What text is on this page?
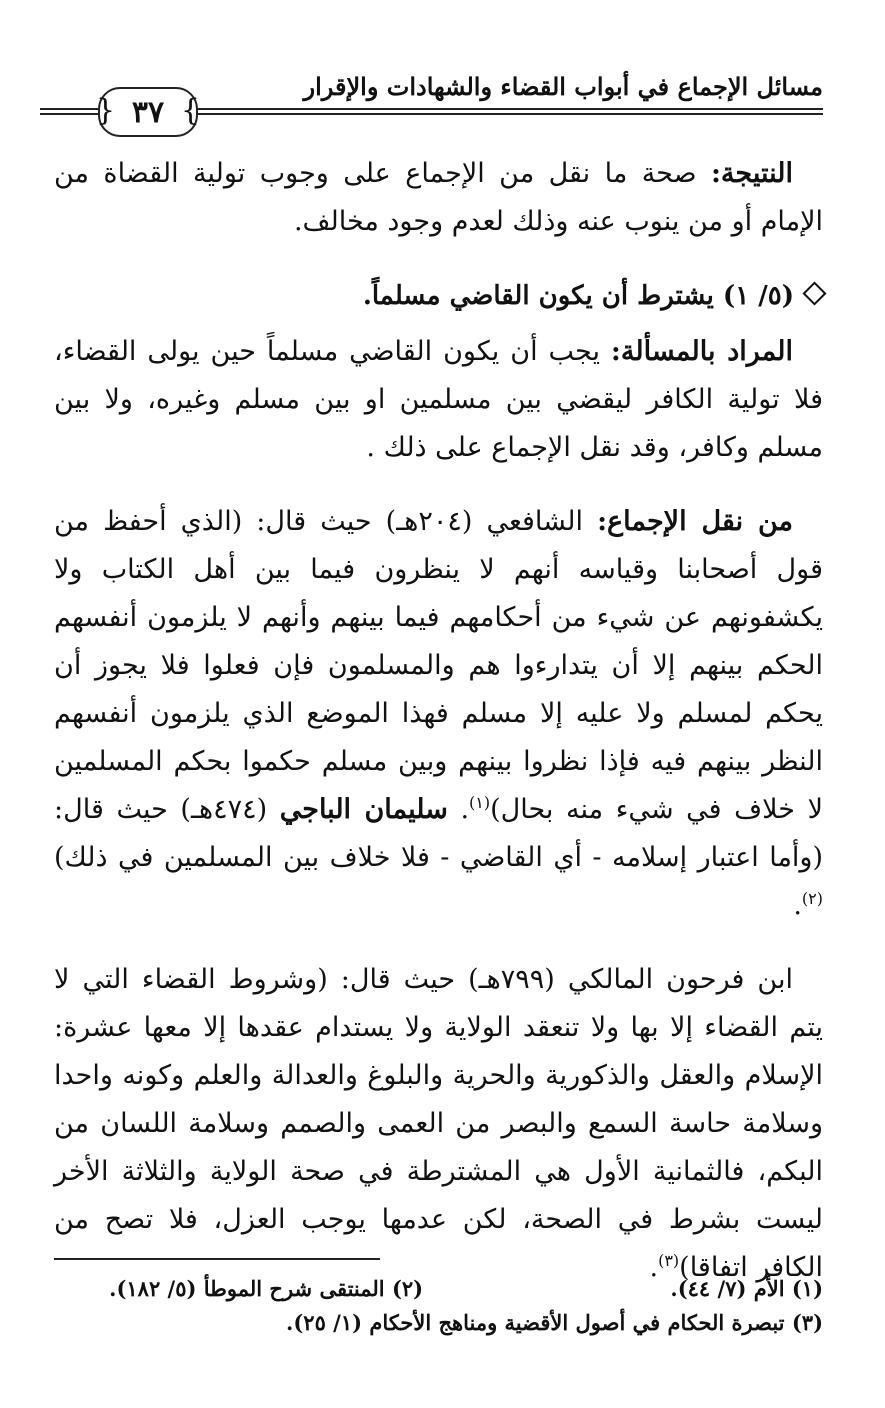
مسائل الإجماع في أبواب القضاء والشهادات والإقرار
{ ٣٧
}

النتيجة: صحة ما نقل من الإجماع على وجوب تولية القضاة من الإمام أو من ينوب عنه وذلك لعدم وجود مخالف.

(٥/ ١) يشترط أن يكون القاضي مسلماً.

المراد بالمسألة: يجب أن يكون القاضي مسلماً حين يولى القضاء، فلا تولية الكافر ليقضي بين مسلمين او بين مسلم وغيره، ولا بين مسلم وكافر، وقد نقل الإجماع على ذلك .

من نقل الإجماع: الشافعي (٢٠٤هـ) حيث قال: (الذي أحفظ من قول أصحابنا وقياسه أنهم لا ينظرون فيما بين أهل الكتاب ولا يكشفونهم عن شيء من أحكامهم فيما بينهم وأنهم لا يلزمون أنفسهم الحكم بينهم إلا أن يتدارءوا هم والمسلمون فإن فعلوا فلا يجوز أن يحكم لمسلم ولا عليه إلا مسلم فهذا الموضع الذي يلزمون أنفسهم النظر بينهم فيه فإذا نظروا بينهم وبين مسلم حكموا بحكم المسلمين لا خلاف في شيء منه بحال)$^{(١)}$. سليمان الباجي (٤٧٤هـ) حيث قال: (وأما اعتبار إسلامه - أي القاضي - فلا خلاف بين المسلمين في ذلك)$^{(٢)}$.

ابن فرحون المالكي (٧٩٩هـ) حيث قال: (وشروط القضاء التي لا يتم القضاء إلا بها ولا تنعقد الولاية ولا يستدام عقدها إلا معها عشرة: الإسلام والعقل والذكورية والحرية والبلوغ والعدالة والعلم وكونه واحدا وسلامة حاسة السمع والبصر من العمى والصمم وسلامة اللسان من البكم، فالثمانية الأول هي المشترطة في صحة الولاية والثلاثة الأخر ليست بشرط في الصحة، لكن عدمها يوجب العزل، فلا تصح من الكافر اتفاقا)$^{(٣)}$.

(١) الأم (٧/ ٤٤).
(٢) المنتقى شرح الموطأ (٥/ ١٨٢).
(٣) تبصرة الحكام في أصول الأقضية ومناهج الأحكام (١/ ٢٥).
